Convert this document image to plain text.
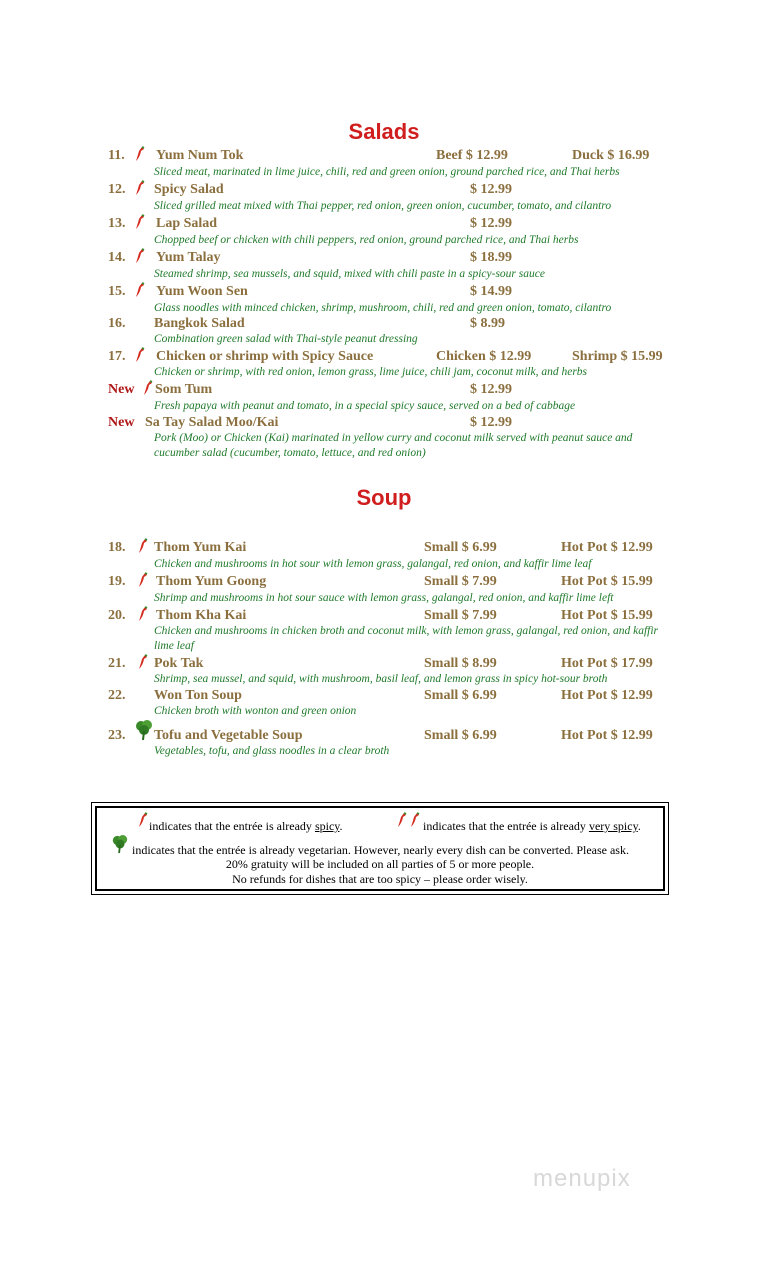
Salads
11. Yum Num Tok	Beef $ 12.99	Duck $ 16.99
Sliced meat, marinated in lime juice, chili, red and green onion, ground parched rice, and Thai herbs
12. Spicy Salad	$ 12.99
Sliced grilled meat mixed with Thai pepper, red onion, green onion, cucumber, tomato, and cilantro
13. Lap Salad	$ 12.99
Chopped beef or chicken with chili peppers, red onion, ground parched rice, and Thai herbs
14. Yum Talay	$ 18.99
Steamed shrimp, sea mussels, and squid, mixed with chili paste in a spicy-sour sauce
15. Yum Woon Sen	$ 14.99
Glass noodles with minced chicken, shrimp, mushroom, chili, red and green onion, tomato, cilantro
16. Bangkok Salad	$ 8.99
Combination green salad with Thai-style peanut dressing
17. Chicken or shrimp with Spicy Sauce	Chicken $ 12.99	Shrimp $ 15.99
Chicken or shrimp, with red onion, lemon grass, lime juice, chili jam, coconut milk, and herbs
New Som Tum	$ 12.99
Fresh papaya with peanut and tomato, in a special spicy sauce, served on a bed of cabbage
New Sa Tay Salad Moo/Kai	$ 12.99
Pork (Moo) or Chicken (Kai) marinated in yellow curry and coconut milk served with peanut sauce and cucumber salad (cucumber, tomato, lettuce, and red onion)
Soup
18. Thom Yum Kai	Small $ 6.99	Hot Pot $ 12.99
Chicken and mushrooms in hot sour with lemon grass, galangal, red onion, and kaffir lime leaf
19. Thom Yum Goong	Small $ 7.99	Hot Pot $ 15.99
Shrimp and mushrooms in hot sour sauce with lemon grass, galangal, red onion, and kaffir lime left
20. Thom Kha Kai	Small $ 7.99	Hot Pot $ 15.99
Chicken and mushrooms in chicken broth and coconut milk, with lemon grass, galangal, red onion, and kaffir lime leaf
21. Pok Tak	Small $ 8.99	Hot Pot $ 17.99
Shrimp, sea mussel, and squid, with mushroom, basil leaf, and lemon grass in spicy hot-sour broth
22. Won Ton Soup	Small $ 6.99	Hot Pot $ 12.99
Chicken broth with wonton and green onion
23. Tofu and Vegetable Soup	Small $ 6.99	Hot Pot $ 12.99
Vegetables, tofu, and glass noodles in a clear broth
indicates that the entrée is already spicy.	indicates that the entrée is already very spicy.
indicates that the entrée is already vegetarian. However, nearly every dish can be converted. Please ask.
20% gratuity will be included on all parties of 5 or more people.
No refunds for dishes that are too spicy – please order wisely.
menupix
